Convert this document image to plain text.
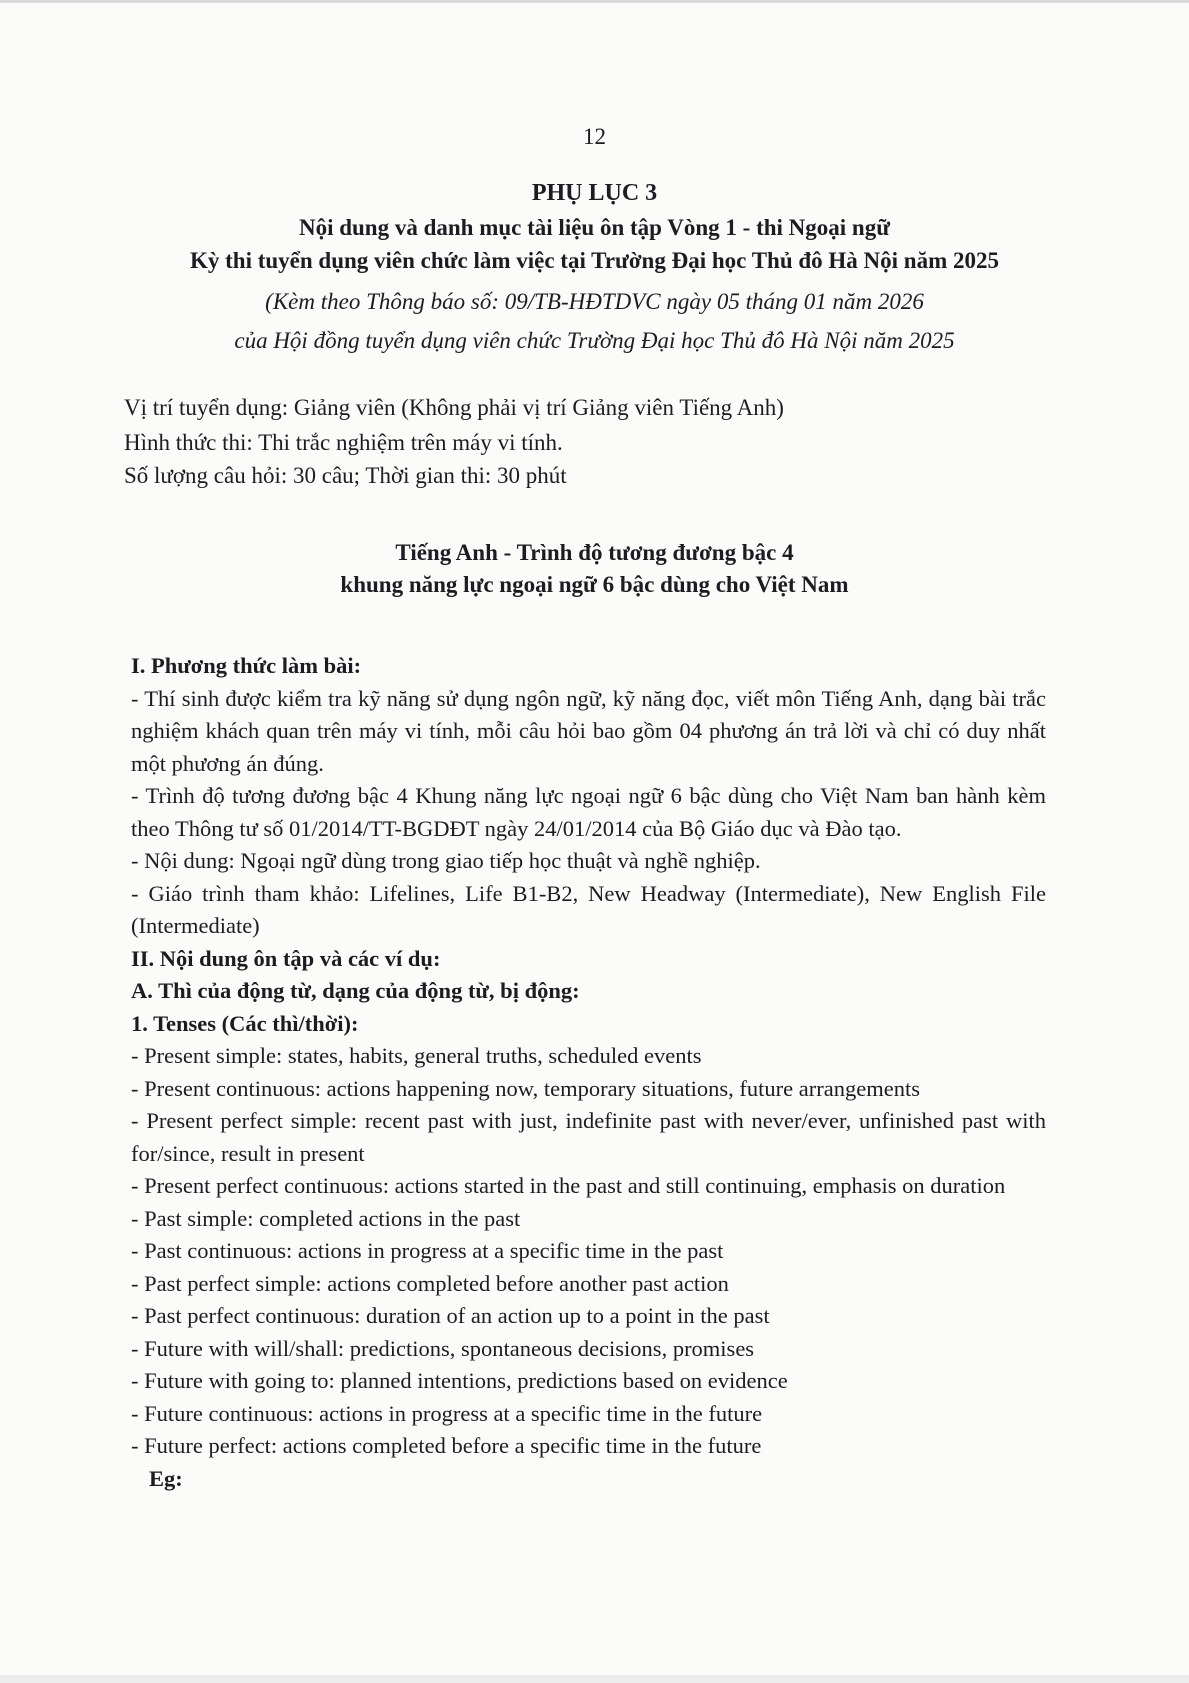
12
PHỤ LỤC 3
Nội dung và danh mục tài liệu ôn tập Vòng 1 - thi Ngoại ngữ
Kỳ thi tuyển dụng viên chức làm việc tại Trường Đại học Thủ đô Hà Nội năm 2025
(Kèm theo Thông báo số: 09/TB-HĐTDVC ngày 05 tháng 01 năm 2026
của Hội đồng tuyển dụng viên chức Trường Đại học Thủ đô Hà Nội năm 2025
Vị trí tuyển dụng: Giảng viên (Không phải vị trí Giảng viên Tiếng Anh)
Hình thức thi: Thi trắc nghiệm trên máy vi tính.
Số lượng câu hỏi: 30 câu; Thời gian thi: 30 phút
Tiếng Anh - Trình độ tương đương bậc 4
khung năng lực ngoại ngữ 6 bậc dùng cho Việt Nam

I. Phương thức làm bài:

- Thí sinh được kiểm tra kỹ năng sử dụng ngôn ngữ, kỹ năng đọc, viết môn Tiếng Anh, dạng bài trắc nghiệm khách quan trên máy vi tính, mỗi câu hỏi bao gồm 04 phương án trả lời và chỉ có duy nhất một phương án đúng.

- Trình độ tương đương bậc 4 Khung năng lực ngoại ngữ 6 bậc dùng cho Việt Nam ban hành kèm theo Thông tư số 01/2014/TT-BGDĐT ngày 24/01/2014 của Bộ Giáo dục và Đào tạo.

- Nội dung: Ngoại ngữ dùng trong giao tiếp học thuật và nghề nghiệp.

- Giáo trình tham khảo: Lifelines, Life B1-B2, New Headway (Intermediate), New English File (Intermediate)

II. Nội dung ôn tập và các ví dụ:

A. Thì của động từ, dạng của động từ, bị động:

1. Tenses (Các thì/thời):

- Present simple: states, habits, general truths, scheduled events

- Present continuous: actions happening now, temporary situations, future arrangements

- Present perfect simple: recent past with just, indefinite past with never/ever, unfinished past with for/since, result in present

- Present perfect continuous: actions started in the past and still continuing, emphasis on duration

- Past simple: completed actions in the past

- Past continuous: actions in progress at a specific time in the past

- Past perfect simple: actions completed before another past action

- Past perfect continuous: duration of an action up to a point in the past

- Future with will/shall: predictions, spontaneous decisions, promises

- Future with going to: planned intentions, predictions based on evidence

- Future continuous: actions in progress at a specific time in the future

- Future perfect: actions completed before a specific time in the future

Eg:
